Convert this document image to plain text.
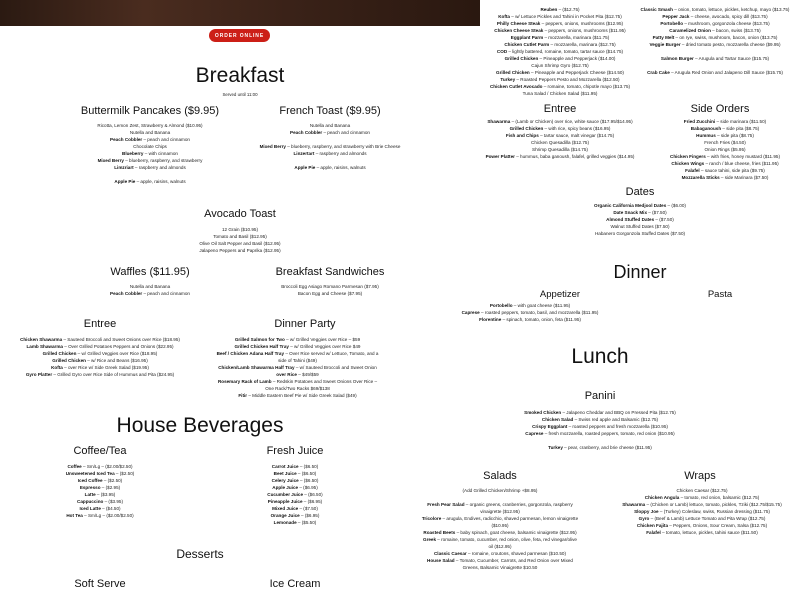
ORDER ONLINE
Reuben – ($12.75)
Kofta – w/ Lettuce Pickles and Tahini in Pocket Pita ($12.75)
Philly Cheese Steak – peppers, onions, mushrooms ($12.95)
Chicken Cheese Steak – peppers, onions, mushrooms ($11.95)
Eggplant Parm – mozzarella, marinara ($11.75)
Chicken Cutlet Parm – mozzarella, marinara ($12.75)
COD – lightly battered, romaine, tomato, tartar sauce ($14.75)
Grilled Chicken – Pineapple and Pepperjack ($14.00)
Cajun Shrimp Gyro ($12.75)
Grilled Chicken – Pineapple and Pepperjack Cheese ($14.50)
Turkey – Roasted Peppers Pesto and Mozzarella ($12.50)
Chicken Cutlet Avocado – romaine, tomato, chipotle mayo ($13.75)
Tuna Salad / Chicken Salad ($11.95)
Classic Smash – onion, tomato, lettuce, pickles, ketchup, mayo ($13.75)
Pepper Jack – cheese, avocado, spicy dill ($13.75)
Portobello – mushroom, gorgonzola cheese ($13.75)
Caramelized Onion – bacon, swiss ($13.75)
Patty Melt – on rye, swiss, mushroom, bacon, onion ($13.75)
Veggie Burger – dried tomato pesto, mozzarella cheese ($9.95)

Salmon Burger – Arugula and Tartar Sauce ($15.75)

Crab Cake – Arugula Red Onion and Jalapeno Dill Sauce ($15.75)
Breakfast
Served until 11:00
Buttermilk Pancakes ($9.95)
Ricotta, Lemon Zest, Strawberry & Almond ($10.95)
Nutella and Banana
Peach Cobbler – peach and cinnamon
Chocolate Chips
Blueberry – with cinnamon
Mixed Berry – blueberry, raspberry, and strawberry
Limzriart – raspberry and almonds

Apple Pie – apple, raisins, walnuts
French Toast ($9.95)
Nutella and Banana
Peach Cobbler – peach and cinnamon

Mixed Berry – blueberry, raspberry, and strawberry with Brie Cheese
Linzertart – raspberry and almonds

Apple Pie – apple, raisins, walnuts
Avocado Toast
12 Grain ($10.95)
Tomato and Basil ($12.95)
Olive Oil Salt Pepper and Basil ($12.95)
Jalapeno Peppers and Paprika ($12.95)
Waffles ($11.95)
Nutella and Banana
Peach Cobbler – peach and cinnamon
Breakfast Sandwiches
Broccoli Egg Asiago Romano Parmesan ($7.95)
Bacon Egg and Cheese ($7.95)
Entree
Chicken Shawarma – Sauteed Broccoli and Sweet Onions over Rice ($18.95)
Lamb Shawarma – Over Grilled Potatoes Peppers and Onions ($22.95)
Grilled Chicken – w/ Grilled Veggies over Rice ($18.95)
Grilled Chicken – w/ Rice and Beans ($16.95)
Kofta – over Rice w/ Side Greek Salad ($19.95)
Gyro Platter – Grilled Gyro over Rice Side of Hummus and Pita ($24.95)
Dinner Party
Grilled Salmon for Two – w/ Grilled Veggies over Rice – $59
Grilled Chicken Half Tray – w/ Grilled Veggies over Rice $49
Beef / Chicken Adana Half Tray – Over Rice served w/ Lettuce, Tomato, and a
side of Tahini ($49)
Chicken/Lamb Shawarma Half Tray – w/ Sauteed Broccoli and Sweet Onion
over Rice – $49/$59
Rosemary Rack of Lamb – Redskin Potatoes and Sweet Onions Over Rice –
One Rack/Two Racks $69/$138
Fitir – Middle Eastern Beef Pie w/ Side Greek Salad ($49)
Entree
Shawarma – (Lamb or Chicken) over rice, white sauce ($17.95/$14.95)
Grilled Chicken – with rice, spicy beans ($16.95)
Fish and Chips – tartar sauce, malt vinegar ($14.75)
Chicken Quesadilla ($12.75)
Shrimp Quesadilla ($14.75)
Power Platter – hummus, baba ganoush, falafel, grilled veggies ($14.95)
Side Orders
Fried Zucchini – side marinara ($11.50)
Babaganoush – side pita ($8.75)
Hummus – side pita ($8.75)
French Fries ($4.50)
Onion Rings ($5.95)
Chicken Fingers – with fries, honey mustard ($11.95)
Chicken Wings – ranch / blue cheese, fries ($11.95)
Falafel – sauce tahini, side pita ($9.75)
Mozzarella Sticks – side Marinara ($7.50)
Dates
Organic California Medjool Dates – ($6.00)
Date Snack Mix – ($7.50)
Almond Stuffed Dates – ($7.50)
Walnut Stuffed Dates ($7.50)
Habanero Gorgonzola Stuffed Dates ($7.50)
Dinner
Appetizer	Pasta
Portobello – with goat cheese ($11.95)
Caprese – roasted peppers, tomato, basil, and mozzarella ($11.95)
Florentine – spinach, tomato, onion, feta ($11.95)
Lunch
Panini
Smoked Chicken – Jalapeno Cheddar and BBQ on Pressed Pita ($12.75)
Chicken Salad – Swiss red apple and Balsamic ($12.75)
Crispy Eggplant – roasted peppers and fresh mozzarella ($10.95)
Caprese – fresh mozzarella, roasted peppers, tomato, red onion ($10.95)

Turkey – pear, cranberry, and brie cheese ($11.95)
House Beverages
Coffee/Tea
Coffee – Sm/Lg – ($2.00/$2.50)
Unsweetened Iced Tea – ($2.50)
Iced Coffee – ($2.50)
Espresso – ($2.95)
Latte – ($3.95)
Cappuccino – ($3.95)
Iced Latte – ($4.50)
Hot Tea – Sm/Lg – ($2.00/$2.50)
Fresh Juice
Carrot Juice – ($6.50)
Beet Juice – ($6.50)
Celery Juice – ($6.50)
Apple Juice – ($6.95)
Cucumber Juice – ($6.50)
Pineapple Juice – ($6.95)
Mixed Juice – ($7.50)
Orange Juice – ($6.95)
Lemonade – ($5.50)
Salads
(Add Grilled Chicken/Shrimp +$8.95)

Fresh Pear Salad – organic greens, cranberries, gorgonzola, raspberry
vinaigrette ($12.95)
Tricolore – arugula, Endives, radicchio, shaved parmesan, lemon vinaigrette
($10.95)
Roasted Beets – baby spinach, goat cheese, balsamic vinaigrette ($12.95)
Greek – romaine, tomato, cucumber, red onion, olive, feta, red vinegar/olive
oil ($12.95)
Classic Caesar – romaine, croutons, shaved parmesan ($10.50)
House Salad – Tomato, Cucumber, Carrots, and Red Onion over Mixed
Greens, Balsamic Vinaigrette $10.50
Wraps
Chicken Caesar ($12.75)
Chicken Angula – tomato, red onion, balsamic ($12.75)
Shawarma – (Chicken or Lamb) lettuce, tomato, pickles, Tziki ($12.75/$15.75)
Sloppy Joe – (Turkey) Coleslaw, swiss, Russian dressing ($11.75)
Gyro – (Beef & Lamb) Lettuce Tomato and Pita Wrap ($12.75)
Chicken Fajita – Peppers, Onions, Sour Cream, Salsa ($12.75)
Falafel – tomato, lettuce, pickles, tahini sauce ($11.50)
Desserts
Soft Serve	Ice Cream
